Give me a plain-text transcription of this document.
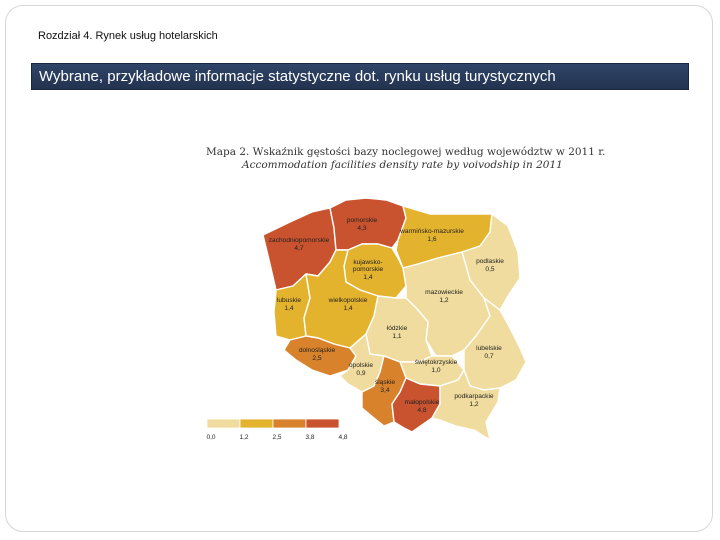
Rozdział 4. Rynek usług hotelarskich
Wybrane, przykładowe informacje statystyczne dot. rynku usług turystycznych
Mapa 2. Wskaźnik gęstości bazy noclegowej według województw w 2011 r.
Accommodation facilities density rate by voivodship in 2011
zachodniopomorskie
4,7
pomorskie
4,3	warmińsko-mazurskie
1,6
podlaskie
0,5
kujawsko-pomorskie
1,4
lubuskie
1,4
wielkopolskie
1,4
mazowieckie
1,2
łódzkie
1,1
lubelskie
0,7
dolnośląskie
2,5
opolskie
0,9
świętokrzyskie
1,0
śląskie
3,4
małopolskie
4,8
podkarpackie
1,2
0,0	1,2	2,5	3,8	4,8
